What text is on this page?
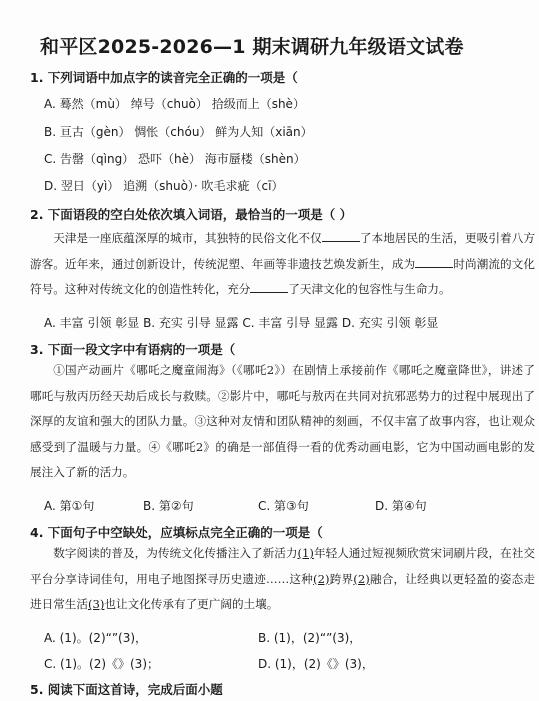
和平区2025-2026—1 期末调研九年级语文试卷
1. 下列词语中加点字的读音完全正确的一项是（
A. 蓦然（mù） 绰号（chuò） 拾级而上（shè）
B. 亘古（gèn） 惆怅（chóu） 鲜为人知（xiān）
C. 告罄（qìng） 恐吓（hè） 海市蜃楼（shèn）
D. 翌日（yì） 追溯（shuò）· 吹毛求疵（cī）
2. 下面语段的空白处依次填入词语，最恰当的一项是（ ）

天津是一座底蕴深厚的城市，其独特的民俗文化不仅	了本地居民的生活，更吸引着八方游客。近年来，通过创新设计，传统泥塑、年画等非遗技艺焕发新生，成为	时尚潮流的文化符号。这种对传统文化的创造性转化，充分	了天津文化的包容性与生命力。

A. 丰富 引领 彰显 B. 充实 引导 显露 C. 丰富 引导 显露 D. 充实 引领 彰显
3. 下面一段文字中有语病的一项是（

①国产动画片《哪吒之魔童闹海》（《哪吒2》）在剧情上承接前作《哪吒之魔童降世》，讲述了哪吒与敖丙历经天劫后成长与救赎。②影片中，哪吒与敖丙在共同对抗邪恶势力的过程中展现出了深厚的友谊和强大的团队力量。③这种对友情和团队精神的刻画，不仅丰富了故事内容，也让观众感受到了温暖与力量。④《哪吒2》的确是一部值得一看的优秀动画电影，它为中国动画电影的发展注入了新的活力。

A. 第①句	B. 第②句	C. 第③句	D. 第④句
4. 下面句子中空缺处，应填标点完全正确的一项是（

数字阅读的普及，为传统文化传播注入了新活力(1)年轻人通过短视频欣赏宋词刷片段，在社交平台分享诗词佳句，用电子地图探寻历史遗迹……这种(2)跨界(2)融合，让经典以更轻盈的姿态走进日常生活(3)也让文化传承有了更广阔的土壤。

A. (1)。(2)“”(3)，	B. (1)，(2)“”(3)，
C. (1)。(2)《》(3)；	D. (1)，(2)《》(3)，
5. 阅读下面这首诗，完成后面小题
